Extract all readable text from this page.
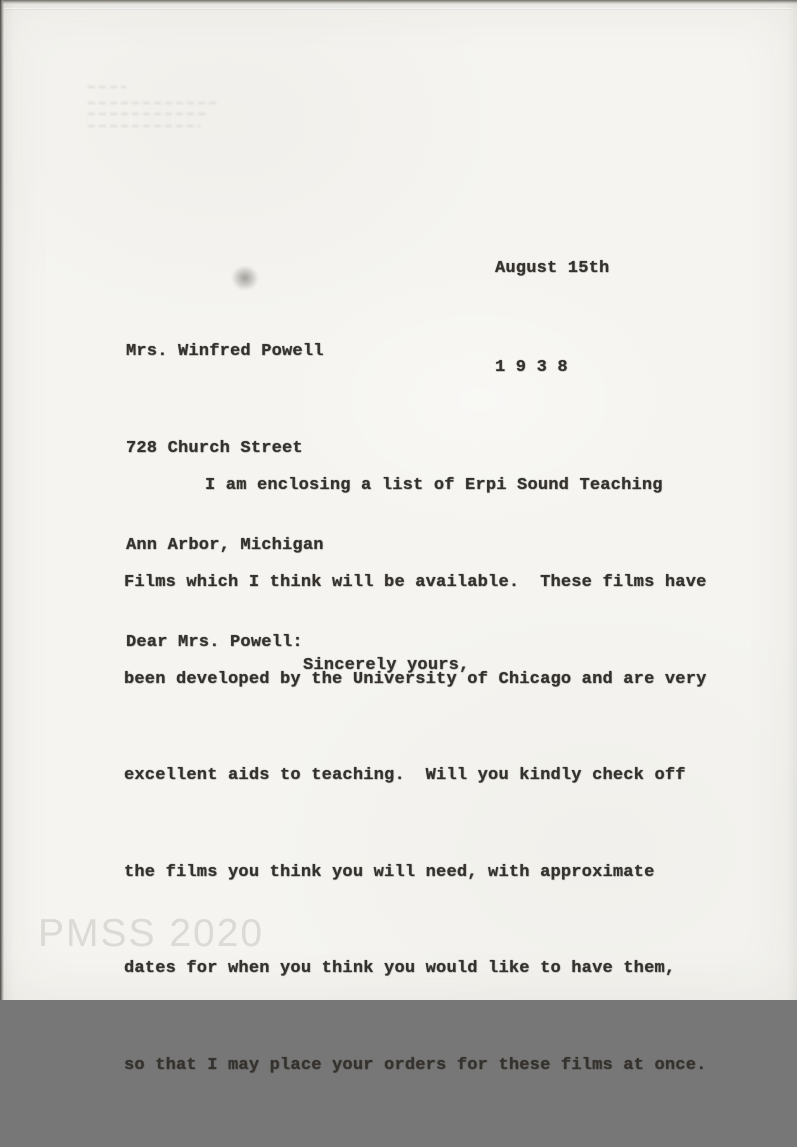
August 15th

1 9 3 8

Mrs. Winfred Powell

728 Church Street

Ann Arbor, Michigan

Dear Mrs. Powell:

I am enclosing a list of Erpi Sound Teaching

Films which I think will be available.  These films have

been developed by the University of Chicago and are very

excellent aids to teaching.  Will you kindly check off

the films you think you will need, with approximate

dates for when you think you would like to have them,

so that I may place your orders for these films at once.

Sincerely yours,
PMSS 2020
